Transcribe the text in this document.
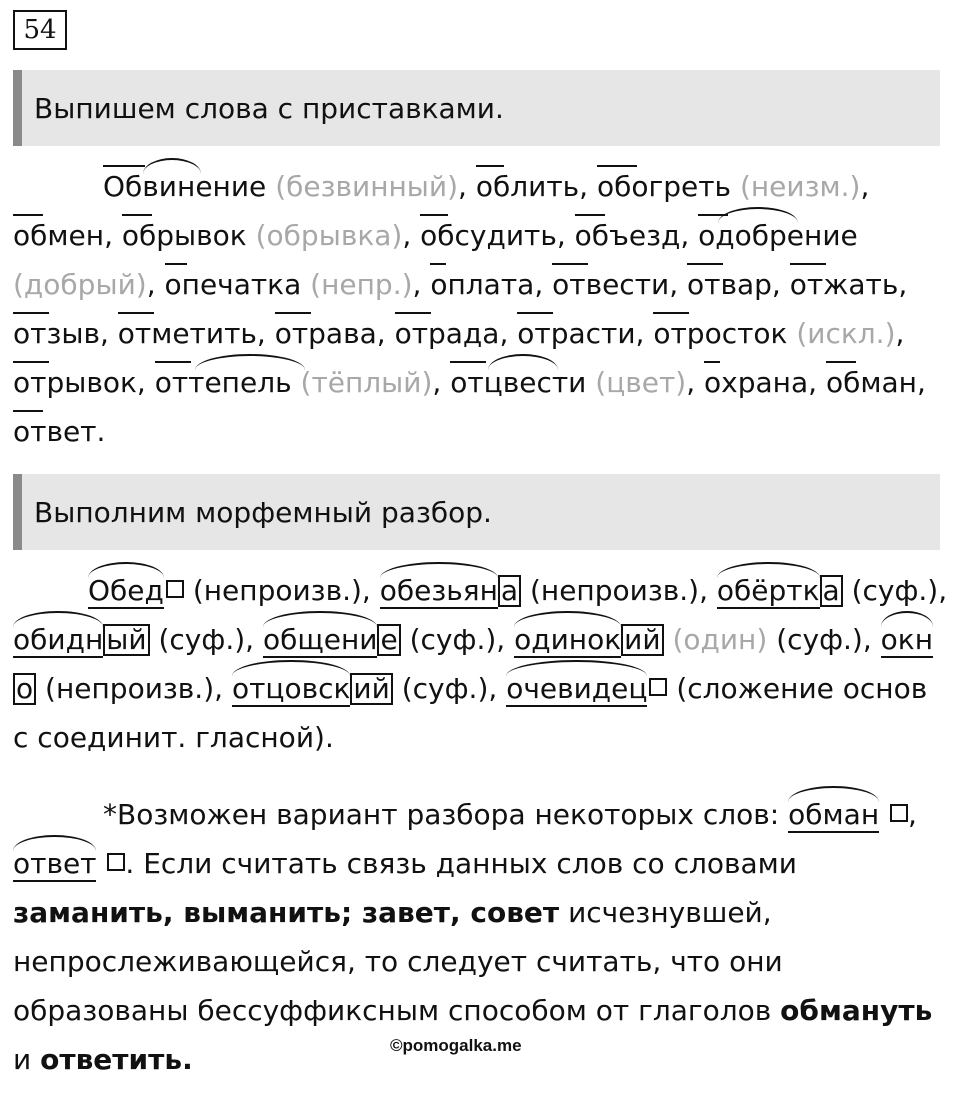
54
Выпишем слова с приставками.

Обвинение (безвинный), облить, обогреть (неизм.), обмен, обрывок (обрывка), обсудить, объезд,
одобрение (добрый), опечатка (непр.), оплата, отвести, отвар, отжать, отзыв, отметить, отрава, отрада, отрасти, отросток (искл.), отрывок,
оттепель (тёплый),
отцвести (цвет), охрана, обман, ответ.

Выполним морфемный разбор.

Обед (непроизв.),
обезьян а (непроизв.),
обёртк а (суф.),
обидн ый (суф.),
общени е (суф.),
одинок ий (один) (суф.),
окно (непроизв.),
отцовск ий (суф.),
очевидец (сложение основ с соединит. гласной).

*Возможен вариант разбора некоторых слов: обман ,
ответ . Если считать связь данных слов со словами заманить, выманить; завет, совет исчезнувшей, непрослеживающейся, то следует считать, что они образованы бессуффиксным способом от глаголов обмануть и ответить.	©pomogalka.me
